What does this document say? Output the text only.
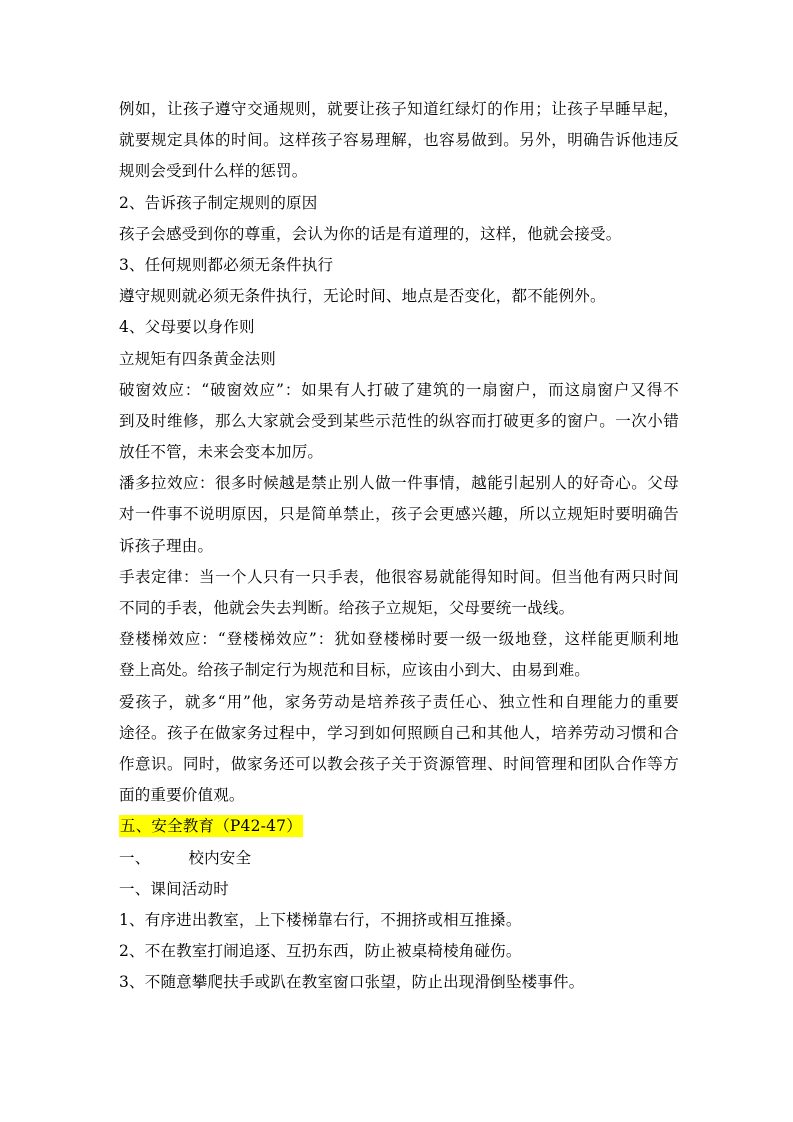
例如，让孩子遵守交通规则，就要让孩子知道红绿灯的作用；让孩子早睡早起，
就要规定具体的时间。这样孩子容易理解，也容易做到。另外，明确告诉他违反
规则会受到什么样的惩罚。
2、告诉孩子制定规则的原因
孩子会感受到你的尊重，会认为你的话是有道理的，这样，他就会接受。
3、任何规则都必须无条件执行
遵守规则就必须无条件执行，无论时间、地点是否变化，都不能例外。
4、父母要以身作则
立规矩有四条黄金法则
破窗效应：“破窗效应”：如果有人打破了建筑的一扇窗户，而这扇窗户又得不
到及时维修，那么大家就会受到某些示范性的纵容而打破更多的窗户。一次小错
放任不管，未来会变本加厉。
潘多拉效应：很多时候越是禁止别人做一件事情，越能引起别人的好奇心。父母
对一件事不说明原因，只是简单禁止，孩子会更感兴趣，所以立规矩时要明确告
诉孩子理由。
手表定律：当一个人只有一只手表，他很容易就能得知时间。但当他有两只时间
不同的手表，他就会失去判断。给孩子立规矩，父母要统一战线。
登楼梯效应：“登楼梯效应”：犹如登楼梯时要一级一级地登，这样能更顺利地
登上高处。给孩子制定行为规范和目标，应该由小到大、由易到难。
爱孩子，就多“用”他，家务劳动是培养孩子责任心、独立性和自理能力的重要
途径。孩子在做家务过程中，学习到如何照顾自己和其他人，培养劳动习惯和合
作意识。同时，做家务还可以教会孩子关于资源管理、时间管理和团队合作等方
面的重要价值观。
五、安全教育（P42-47）
一、 校内安全
一、课间活动时
1、有序进出教室，上下楼梯靠右行，不拥挤或相互推搡。
2、不在教室打闹追逐、互扔东西，防止被桌椅棱角碰伤。
3、不随意攀爬扶手或趴在教室窗口张望，防止出现滑倒坠楼事件。
